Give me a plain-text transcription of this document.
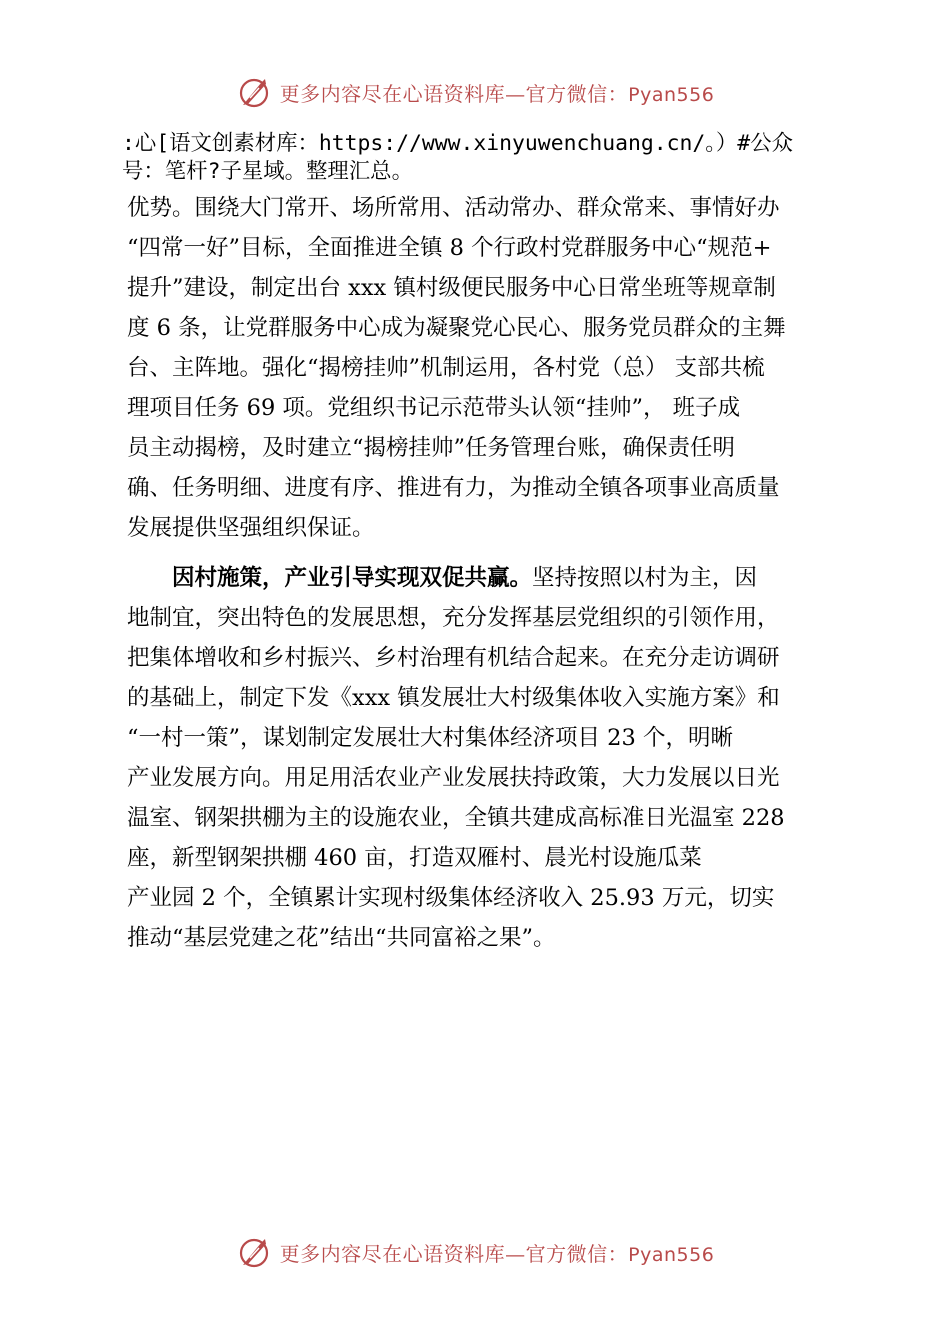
更多内容尽在心语资料库—官方微信：Pyan556
:心[语文创素材库：https://www.xinyuwenchuang.cn/。）#公众
号：笔杆?子星域。整理汇总。
优势。围绕大门常开、场所常用、活动常办、群众常来、事情好办
“四常一好”目标，全面推进全镇 8 个行政村党群服务中心“规范+
提升”建设，制定出台 xxx 镇村级便民服务中心日常坐班等规章制
度 6 条，让党群服务中心成为凝聚党心民心、服务党员群众的主舞
台、主阵地。强化“揭榜挂帅”机制运用，各村党（总） 支部共梳
理项目任务 69 项。党组织书记示范带头认领“挂帅”， 班子成
员主动揭榜，及时建立“揭榜挂帅”任务管理台账，确保责任明
确、任务明细、进度有序、推进有力，为推动全镇各项事业高质量
发展提供坚强组织保证。
因村施策，产业引导实现双促共赢。坚持按照以村为主，因
地制宜，突出特色的发展思想，充分发挥基层党组织的引领作用，
把集体增收和乡村振兴、乡村治理有机结合起来。在充分走访调研
的基础上，制定下发《xxx 镇发展壮大村级集体收入实施方案》和
“一村一策”，谋划制定发展壮大村集体经济项目 23 个，明晰
产业发展方向。用足用活农业产业发展扶持政策，大力发展以日光
温室、钢架拱棚为主的设施农业，全镇共建成高标准日光温室 228
座，新型钢架拱棚 460 亩，打造双雁村、晨光村设施瓜菜
产业园 2 个，全镇累计实现村级集体经济收入 25.93 万元，切实
推动“基层党建之花”结出“共同富裕之果”。
更多内容尽在心语资料库—官方微信：Pyan556
